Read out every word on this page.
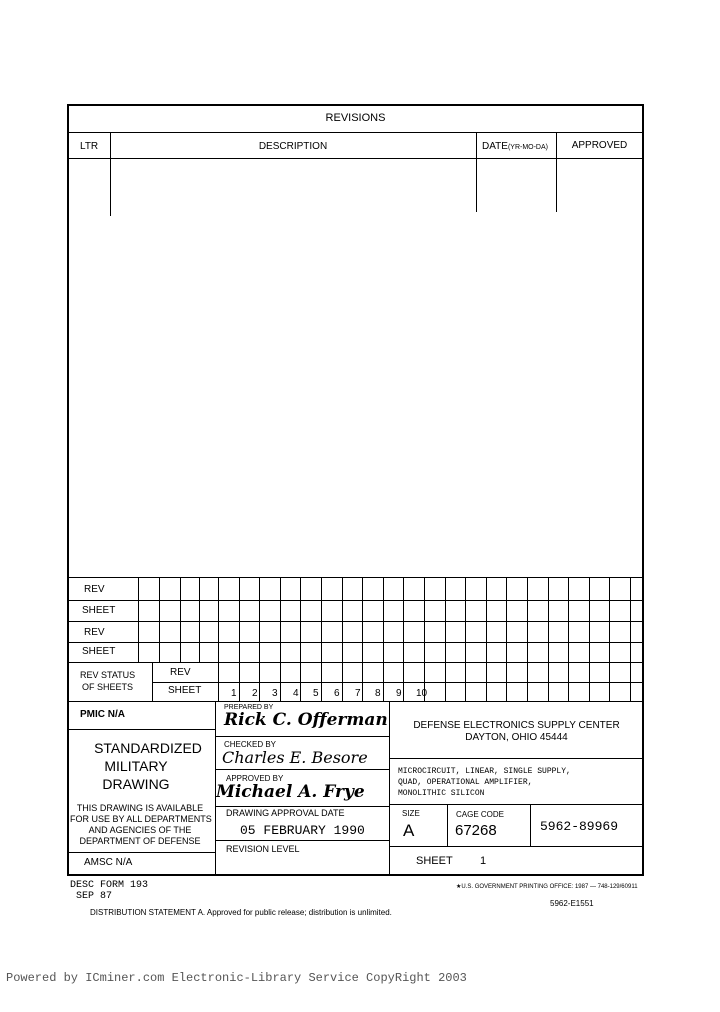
REVISIONS
LTR	DESCRIPTION	DATE(YR-MO-DA)	APPROVED
REV
SHEET
REV
SHEET
REV STATUS
OF SHEETS
REV
SHEET	1 2 3 4 5 6 7 8 9 10
PMIC N/A
STANDARDIZED
MILITARY
DRAWING
THIS DRAWING IS AVAILABLE
FOR USE BY ALL DEPARTMENTS
AND AGENCIES OF THE
DEPARTMENT OF DEFENSE
AMSC N/A
PREPARED BY
Rick C. Offerman
CHECKED BY
Charles E. Besore
APPROVED BY
Michael A. Frye
DRAWING APPROVAL DATE
05 FEBRUARY 1990
REVISION LEVEL
DEFENSE ELECTRONICS SUPPLY CENTER
DAYTON, OHIO 45444
MICROCIRCUIT, LINEAR, SINGLE SUPPLY,
QUAD, OPERATIONAL AMPLIFIER,
MONOLITHIC SILICON
SIZE
A
CAGE CODE
67268	5962-89969
SHEET 1
DESC FORM 193
SEP 87
★U.S. GOVERNMENT PRINTING OFFICE: 1987 — 748-129/60911
5962-E1551
DISTRIBUTION STATEMENT A. Approved for public release; distribution is unlimited.
Powered by ICminer.com Electronic-Library Service CopyRight 2003
